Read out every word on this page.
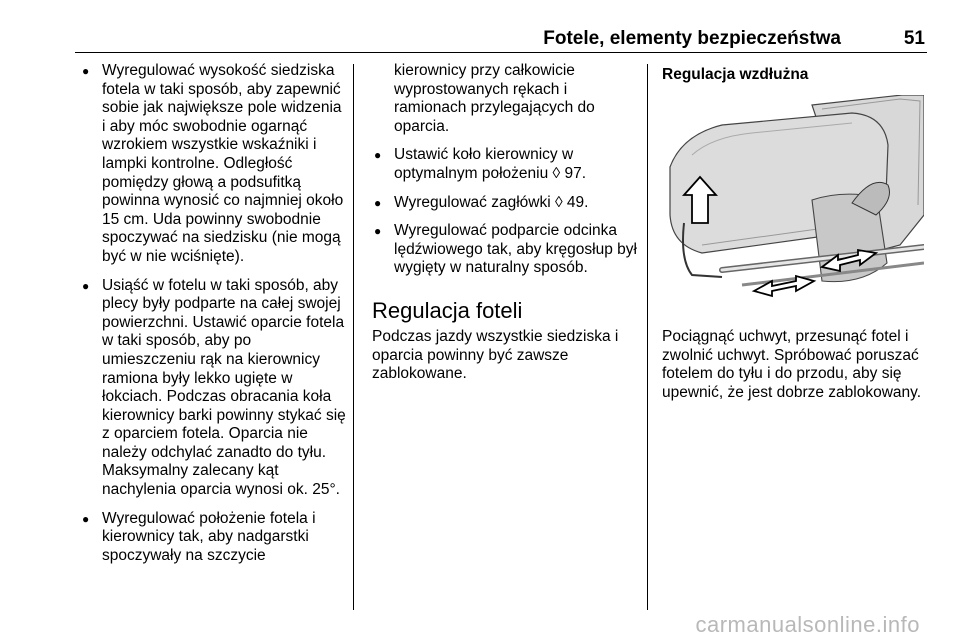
Fotele, elementy bezpieczeństwa	51
● Wyregulować wysokość siedziska fotela w taki sposób, aby zapewnić sobie jak największe pole widzenia i aby móc swobodnie ogarnąć wzrokiem wszystkie wskaźniki i lampki kontrolne. Odległość pomiędzy głową a podsufitką powinna wynosić co najmniej około 15 cm. Uda powinny swobodnie spoczywać na siedzisku (nie mogą być w nie wciśnięte).
● Usiąść w fotelu w taki sposób, aby plecy były podparte na całej swojej powierzchni. Ustawić oparcie fotela w taki sposób, aby po umieszczeniu rąk na kierownicy ramiona były lekko ugięte w łokciach. Podczas obracania koła kierownicy barki powinny stykać się z oparciem fotela. Oparcia nie należy odchylać zanadto do tyłu. Maksymalny zalecany kąt nachylenia oparcia wynosi ok. 25°.
● Wyregulować położenie fotela i kierownicy tak, aby nadgarstki spoczywały na szczycie
kierownicy przy całkowicie wyprostowanych rękach i ramionach przylegających do oparcia.
● Ustawić koło kierownicy w optymalnym położeniu ◊ 97.
● Wyregulować zagłówki ◊ 49.
● Wyregulować podparcie odcinka lędźwiowego tak, aby kręgosłup był wygięty w naturalny sposób.
Regulacja foteli

Podczas jazdy wszystkie siedziska i oparcia powinny być zawsze zablokowane.

Regulacja wzdłużna

Pociągnąć uchwyt, przesunąć fotel i zwolnić uchwyt. Spróbować poruszać fotelem do tyłu i do przodu, aby się upewnić, że jest dobrze zablokowany.

carmanualsonline.info
